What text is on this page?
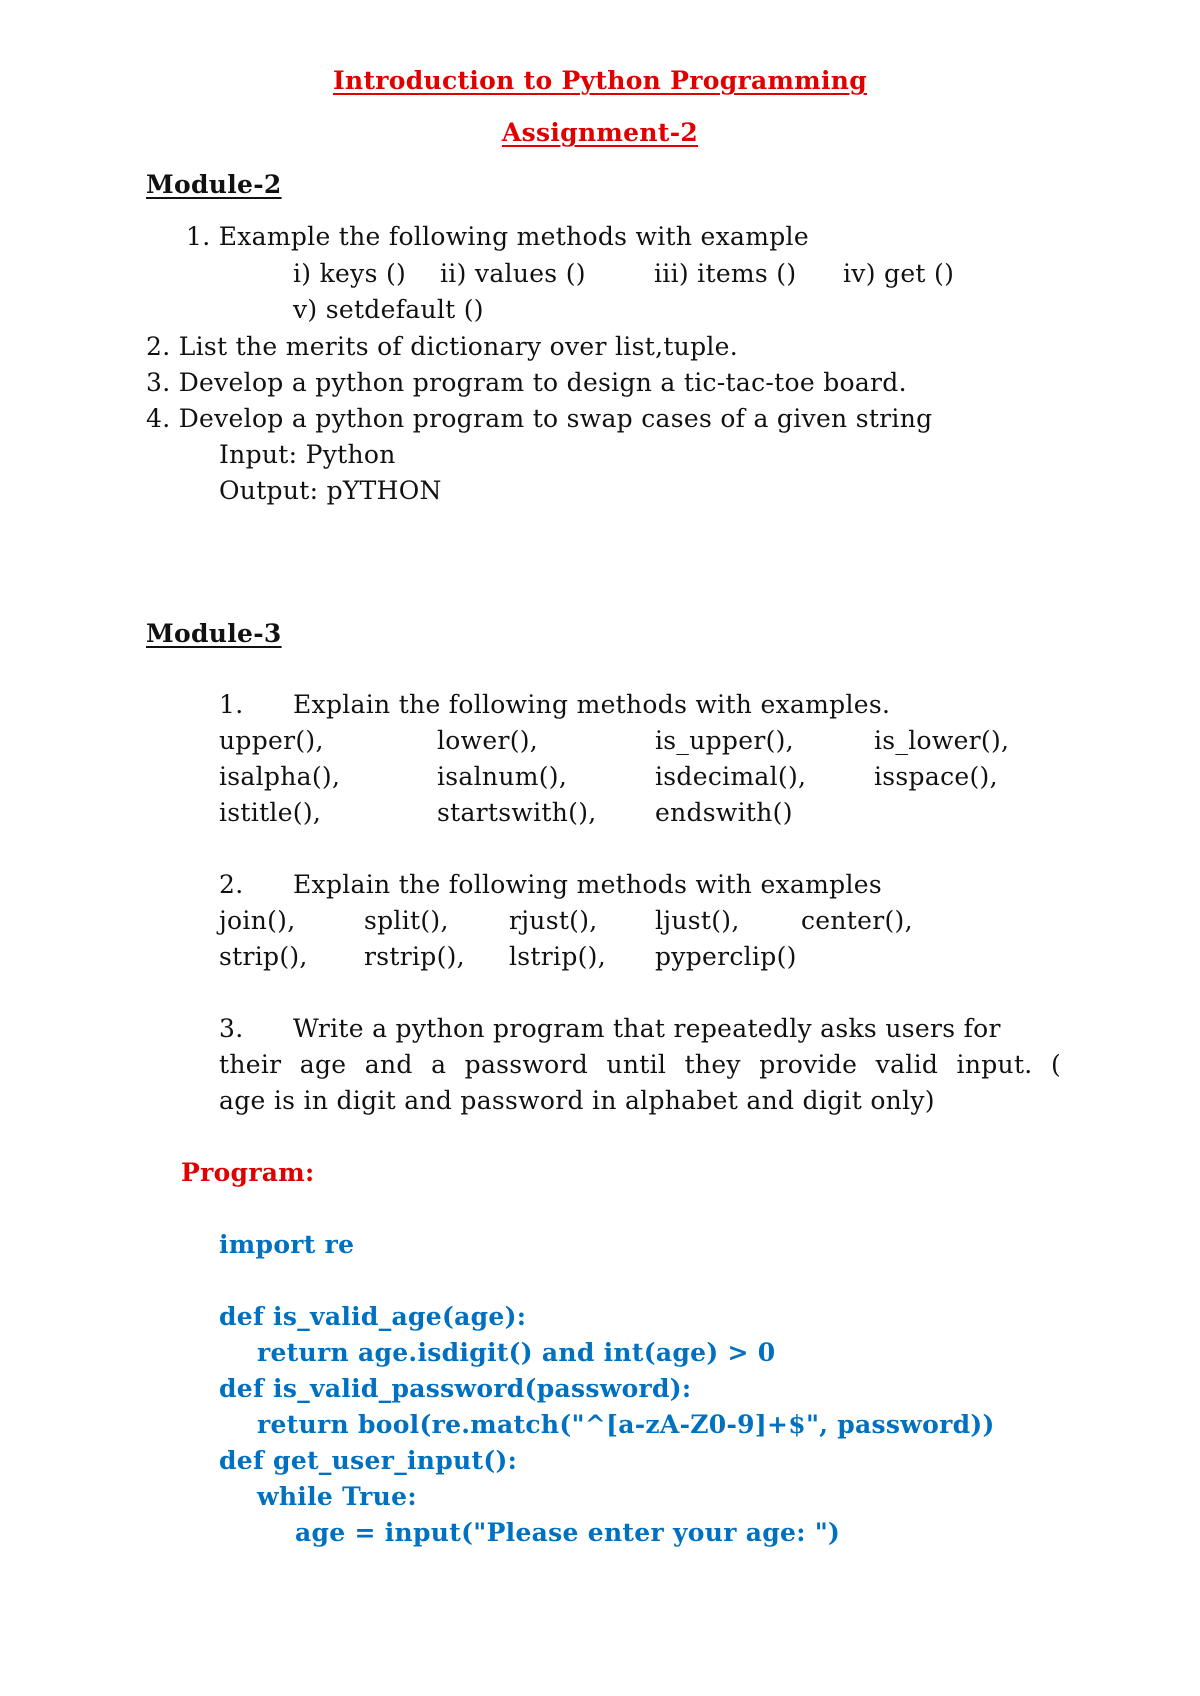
Introduction to Python Programming
Assignment-2
Module-2
1. Example the following methods with example
i) keys () ii) values ()	iii) items () iv) get ()
v) setdefault ()
2. List the merits of dictionary over list,tuple.
3. Develop a python program to design a tic-tac-toe board.
4. Develop a python program to swap cases of a given string
Input: Python
Output: pYTHON
Module-3
1. Explain the following methods with examples.
upper(),	lower(),	is_upper(),	is_lower(),
isalpha(),	isalnum(),	isdecimal(),	isspace(),
istitle(),	startswith(), endswith()
2. Explain the following methods with examples
join(),	split(), rjust(), ljust(), center(),
strip(), rstrip(), lstrip(), pyperclip()
3. Write a python program that repeatedly asks users for
their age and a password until they provide valid input. (
age is in digit and password in alphabet and digit only)
Program:
import re
def is_valid_age(age):
return age.isdigit() and int(age) > 0
def is_valid_password(password):
return bool(re.match("^[a-zA-Z0-9]+$", password))
def get_user_input():
while True:
age = input("Please enter your age: ")
